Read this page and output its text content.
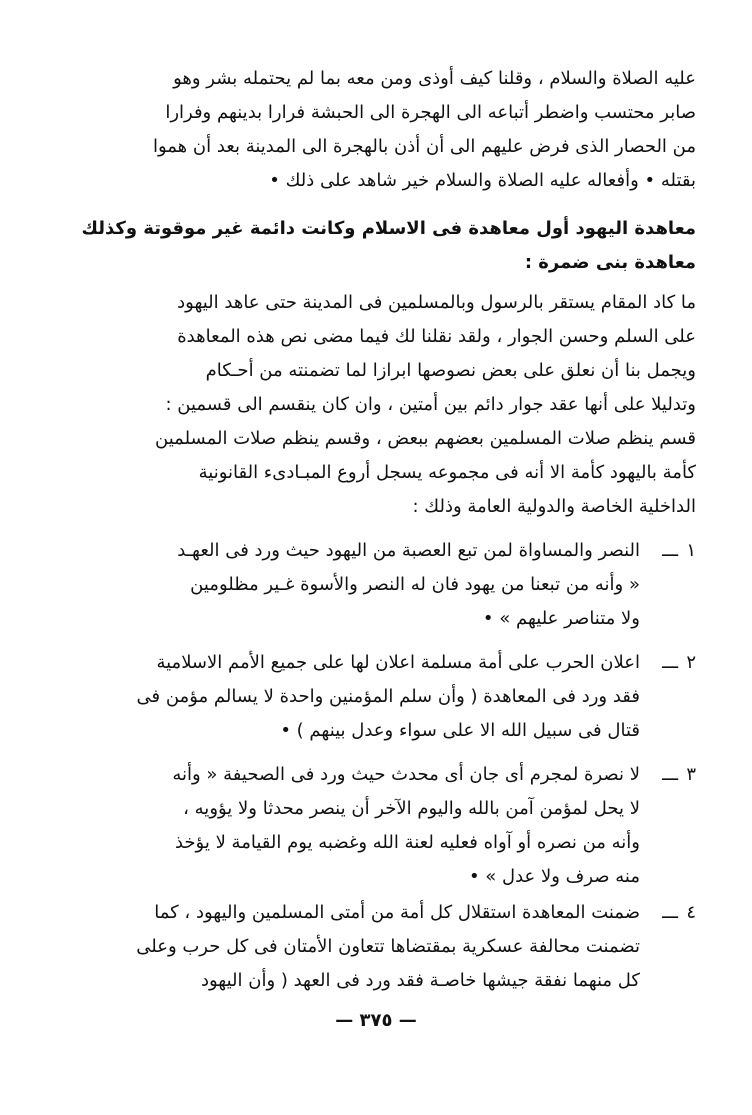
عليه الصلاة والسلام ، وقلنا كيف أوذى ومن معه بما لم يحتمله بشر وهو
صابر محتسب واضطر أتباعه الى الهجرة الى الحبشة فرارا بدينهم وفرارا
من الحصار الذى فرض عليهم الى أن أذن بالهجرة الى المدينة بعد أن هموا
بقتله • وأفعاله عليه الصلاة والسلام خير شاهد على ذلك •
معاهدة اليهود أول معاهدة فى الاسلام وكانت دائمة غير موقوتة وكذلك
معاهدة بنى ضمرة :
ما كاد المقام يستقر بالرسول وبالمسلمين فى المدينة حتى عاهد اليهود
على السلم وحسن الجوار ، ولقد نقلنا لك فيما مضى نص هذه المعاهدة
ويجمل بنا أن نعلق على بعض نصوصها ابرازا لما تضمنته من أحـكام
وتدليلا على أنها عقد جوار دائم بين أمتين ، وان كان ينقسم الى قسمين :
قسم ينظم صلات المسلمين بعضهم ببعض ، وقسم ينظم صلات المسلمين
كأمة باليهود كأمة الا أنه فى مجموعه يسجل أروع المبـادىء القانونية
الداخلية الخاصة والدولية العامة وذلك :
١
ـــ
النصر والمساواة لمن تبع العصبة من اليهود حيث ورد فى العهـد
« وأنه من تبعنا من يهود فان له النصر والأسوة غـير مظلومين
ولا متناصر عليهم » •
٢
ـــ
اعلان الحرب على أمة مسلمة اعلان لها على جميع الأمم الاسلامية
فقد ورد فى المعاهدة ( وأن سلم المؤمنين واحدة لا يسالم مؤمن فى
قتال فى سبيل الله الا على سواء وعدل بينهم ) •
٣
ـــ
لا نصرة لمجرم أى جان أى محدث حيث ورد فى الصحيفة « وأنه
لا يحل لمؤمن آمن بالله واليوم الآخر أن ينصر محدثا ولا يؤويه ،
وأنه من نصره أو آواه فعليه لعنة الله وغضبه يوم القيامة لا يؤخذ
منه صرف ولا عدل » •
٤
ـــ
ضمنت المعاهدة استقلال كل أمة من أمتى المسلمين واليهود ، كما
تضمنت محالفة عسكرية بمقتضاها تتعاون الأمتان فى كل حرب وعلى
كل منهما نفقة جيشها خاصـة فقد ورد فى العهد ( وأن اليهود
— ٣٧٥ —
